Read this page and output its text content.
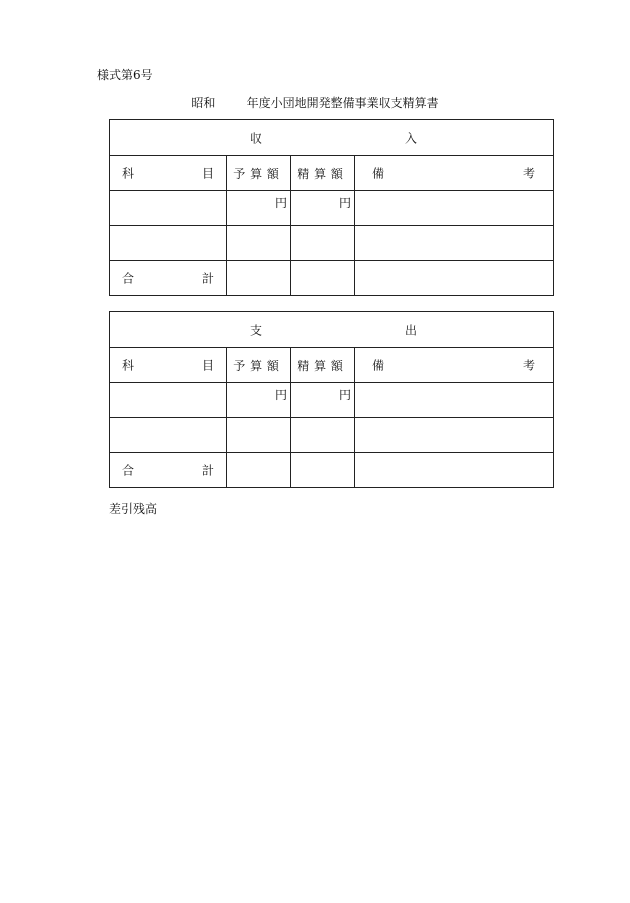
様式第6号
昭和	年度小団地開発整備事業収支精算書
収 入			

科 目	予算額	精算額	備 考

	円	円	

合 計			

支 出			

科 目	予算額	精算額	備 考

	円	円	

合 計			

差引残高
